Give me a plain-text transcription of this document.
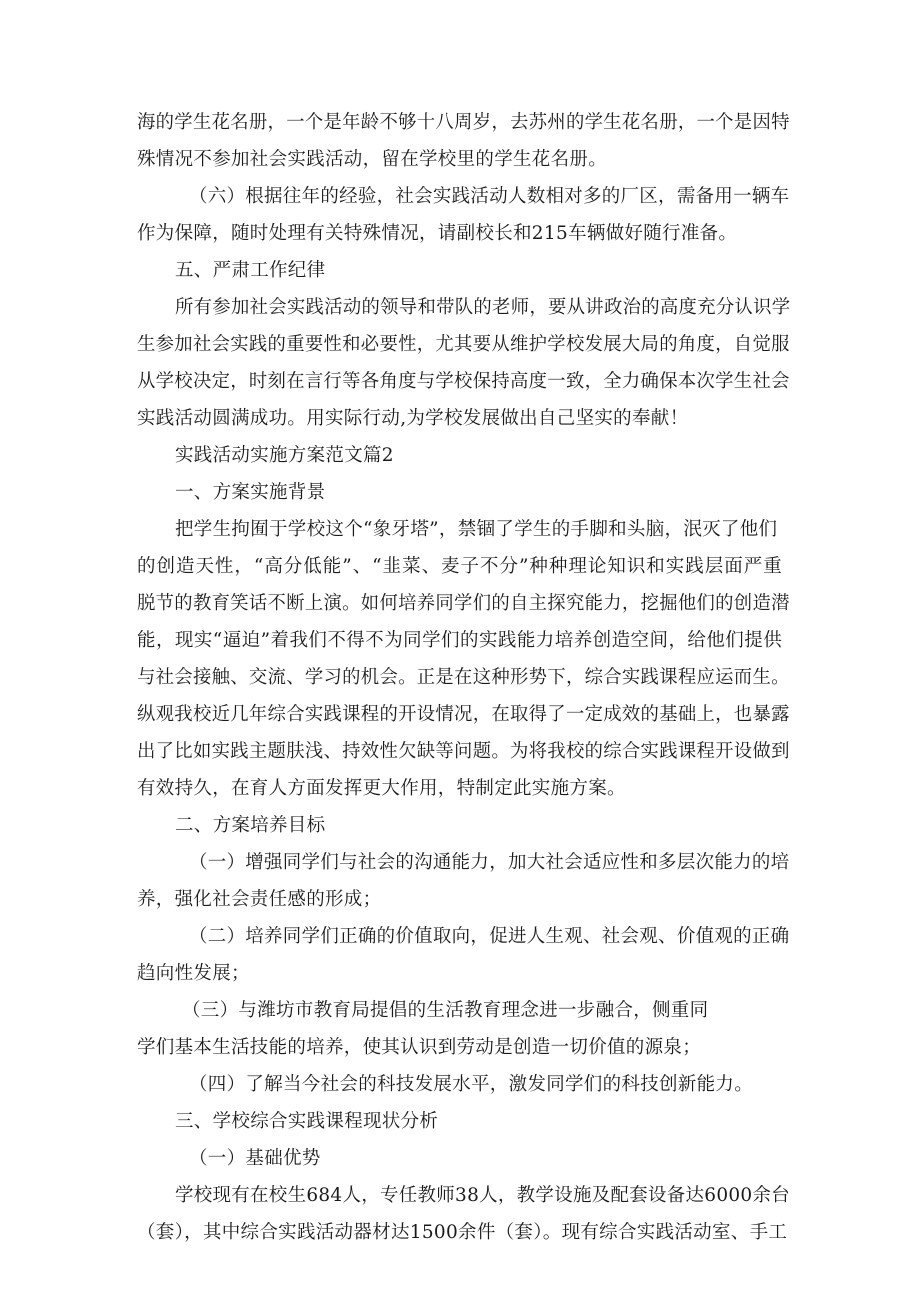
海的学生花名册，一个是年龄不够十八周岁，去苏州的学生花名册，一个是因特
殊情况不参加社会实践活动，留在学校里的学生花名册。
（六）根据往年的经验，社会实践活动人数相对多的厂区，需备用一辆车
作为保障，随时处理有关特殊情况，请副校长和215车辆做好随行准备。
五、严肃工作纪律
所有参加社会实践活动的领导和带队的老师，要从讲政治的高度充分认识学
生参加社会实践的重要性和必要性，尤其要从维护学校发展大局的角度，自觉服
从学校决定，时刻在言行等各角度与学校保持高度一致，全力确保本次学生社会
实践活动圆满成功。用实际行动,为学校发展做出自己坚实的奉献！
实践活动实施方案范文篇2
一、方案实施背景
把学生拘囿于学校这个“象牙塔”，禁锢了学生的手脚和头脑，泯灭了他们
的创造天性，“高分低能”、“韭菜、麦子不分”种种理论知识和实践层面严重
脱节的教育笑话不断上演。如何培养同学们的自主探究能力，挖掘他们的创造潜
能，现实“逼迫”着我们不得不为同学们的实践能力培养创造空间，给他们提供
与社会接触、交流、学习的机会。正是在这种形势下，综合实践课程应运而生。
纵观我校近几年综合实践课程的开设情况，在取得了一定成效的基础上，也暴露
出了比如实践主题肤浅、持效性欠缺等问题。为将我校的综合实践课程开设做到
有效持久，在育人方面发挥更大作用，特制定此实施方案。
二、方案培养目标
（一）增强同学们与社会的沟通能力，加大社会适应性和多层次能力的培
养，强化社会责任感的形成；
（二）培养同学们正确的价值取向，促进人生观、社会观、价值观的正确
趋向性发展；
（三）与潍坊市教育局提倡的生活教育理念进一步融合，侧重同
学们基本生活技能的培养，使其认识到劳动是创造一切价值的源泉；
（四）了解当今社会的科技发展水平，激发同学们的科技创新能力。
三、学校综合实践课程现状分析
（一）基础优势
学校现有在校生684人，专任教师38人，教学设施及配套设备达6000余台
（套），其中综合实践活动器材达1500余件（套）。现有综合实践活动室、手工
